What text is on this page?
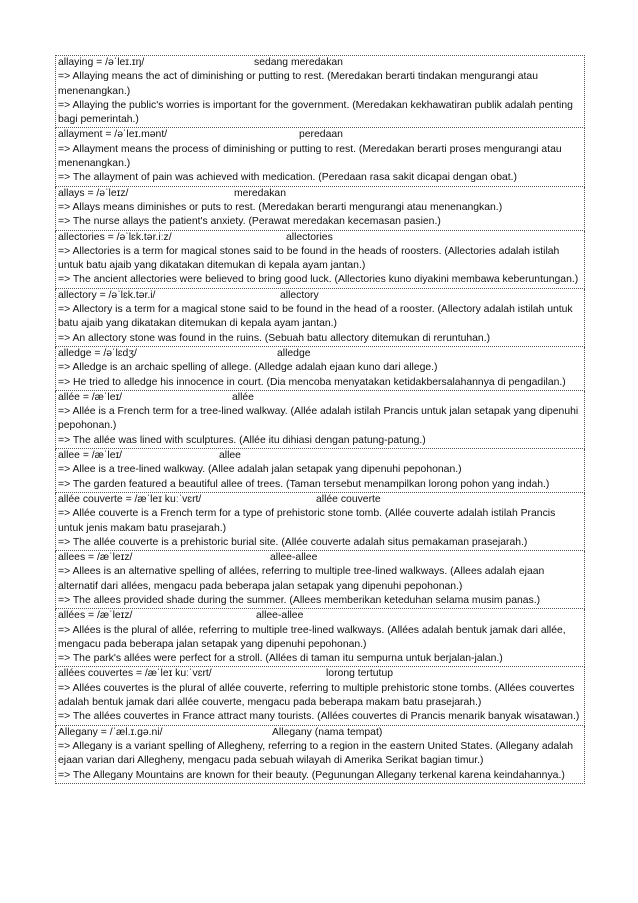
allaying = /əˈleɪ.ɪŋ/	sedang meredakan
=> Allaying means the act of diminishing or putting to rest. (Meredakan berarti tindakan mengurangi atau menenangkan.)
=> Allaying the public's worries is important for the government. (Meredakan kekhawatiran publik adalah penting bagi pemerintah.)
allayment = /əˈleɪ.mənt/	peredaan
=> Allayment means the process of diminishing or putting to rest. (Meredakan berarti proses mengurangi atau menenangkan.)
=> The allayment of pain was achieved with medication. (Peredaan rasa sakit dicapai dengan obat.)
allays = /əˈleɪz/	meredakan
=> Allays means diminishes or puts to rest. (Meredakan berarti mengurangi atau menenangkan.)
=> The nurse allays the patient's anxiety. (Perawat meredakan kecemasan pasien.)
allectories = /əˈlɛk.tər.iːz/	allectories
=> Allectories is a term for magical stones said to be found in the heads of roosters. (Allectories adalah istilah untuk batu ajaib yang dikatakan ditemukan di kepala ayam jantan.)
=> The ancient allectories were believed to bring good luck. (Allectories kuno diyakini membawa keberuntungan.)
allectory = /əˈlɛk.tər.i/	allectory
=> Allectory is a term for a magical stone said to be found in the head of a rooster. (Allectory adalah istilah untuk batu ajaib yang dikatakan ditemukan di kepala ayam jantan.)
=> An allectory stone was found in the ruins. (Sebuah batu allectory ditemukan di reruntuhan.)
alledge = /əˈlɛdʒ/	alledge
=> Alledge is an archaic spelling of allege. (Alledge adalah ejaan kuno dari allege.)
=> He tried to alledge his innocence in court. (Dia mencoba menyatakan ketidakbersalahannya di pengadilan.)
allée = /æˈleɪ/	allée
=> Allée is a French term for a tree-lined walkway. (Allée adalah istilah Prancis untuk jalan setapak yang dipenuhi pepohonan.)
=> The allée was lined with sculptures. (Allée itu dihiasi dengan patung-patung.)
allee = /æˈleɪ/	allee
=> Allee is a tree-lined walkway. (Allee adalah jalan setapak yang dipenuhi pepohonan.)
=> The garden featured a beautiful allee of trees. (Taman tersebut menampilkan lorong pohon yang indah.)
allée couverte = /æˈleɪ kuːˈvɛrt/	allée couverte
=> Allée couverte is a French term for a type of prehistoric stone tomb. (Allée couverte adalah istilah Prancis untuk jenis makam batu prasejarah.)
=> The allée couverte is a prehistoric burial site. (Allée couverte adalah situs pemakaman prasejarah.)
allees = /æˈleɪz/	allee-allee
=> Allees is an alternative spelling of allées, referring to multiple tree-lined walkways. (Allees adalah ejaan alternatif dari allées, mengacu pada beberapa jalan setapak yang dipenuhi pepohonan.)
=> The allees provided shade during the summer. (Allees memberikan keteduhan selama musim panas.)
allées = /æˈleɪz/	allee-allee
=> Allées is the plural of allée, referring to multiple tree-lined walkways. (Allées adalah bentuk jamak dari allée, mengacu pada beberapa jalan setapak yang dipenuhi pepohonan.)
=> The park's allées were perfect for a stroll. (Allées di taman itu sempurna untuk berjalan-jalan.)
allées couvertes = /æˈleɪ kuːˈvɛrt/	lorong tertutup
=> Allées couvertes is the plural of allée couverte, referring to multiple prehistoric stone tombs. (Allées couvertes adalah bentuk jamak dari allée couverte, mengacu pada beberapa makam batu prasejarah.)
=> The allées couvertes in France attract many tourists. (Allées couvertes di Prancis menarik banyak wisatawan.)
Allegany = /ˈæl.ɪ.ɡə.ni/	Allegany (nama tempat)
=> Allegany is a variant spelling of Allegheny, referring to a region in the eastern United States. (Allegany adalah ejaan varian dari Allegheny, mengacu pada sebuah wilayah di Amerika Serikat bagian timur.)
=> The Allegany Mountains are known for their beauty. (Pegunungan Allegany terkenal karena keindahannya.)
